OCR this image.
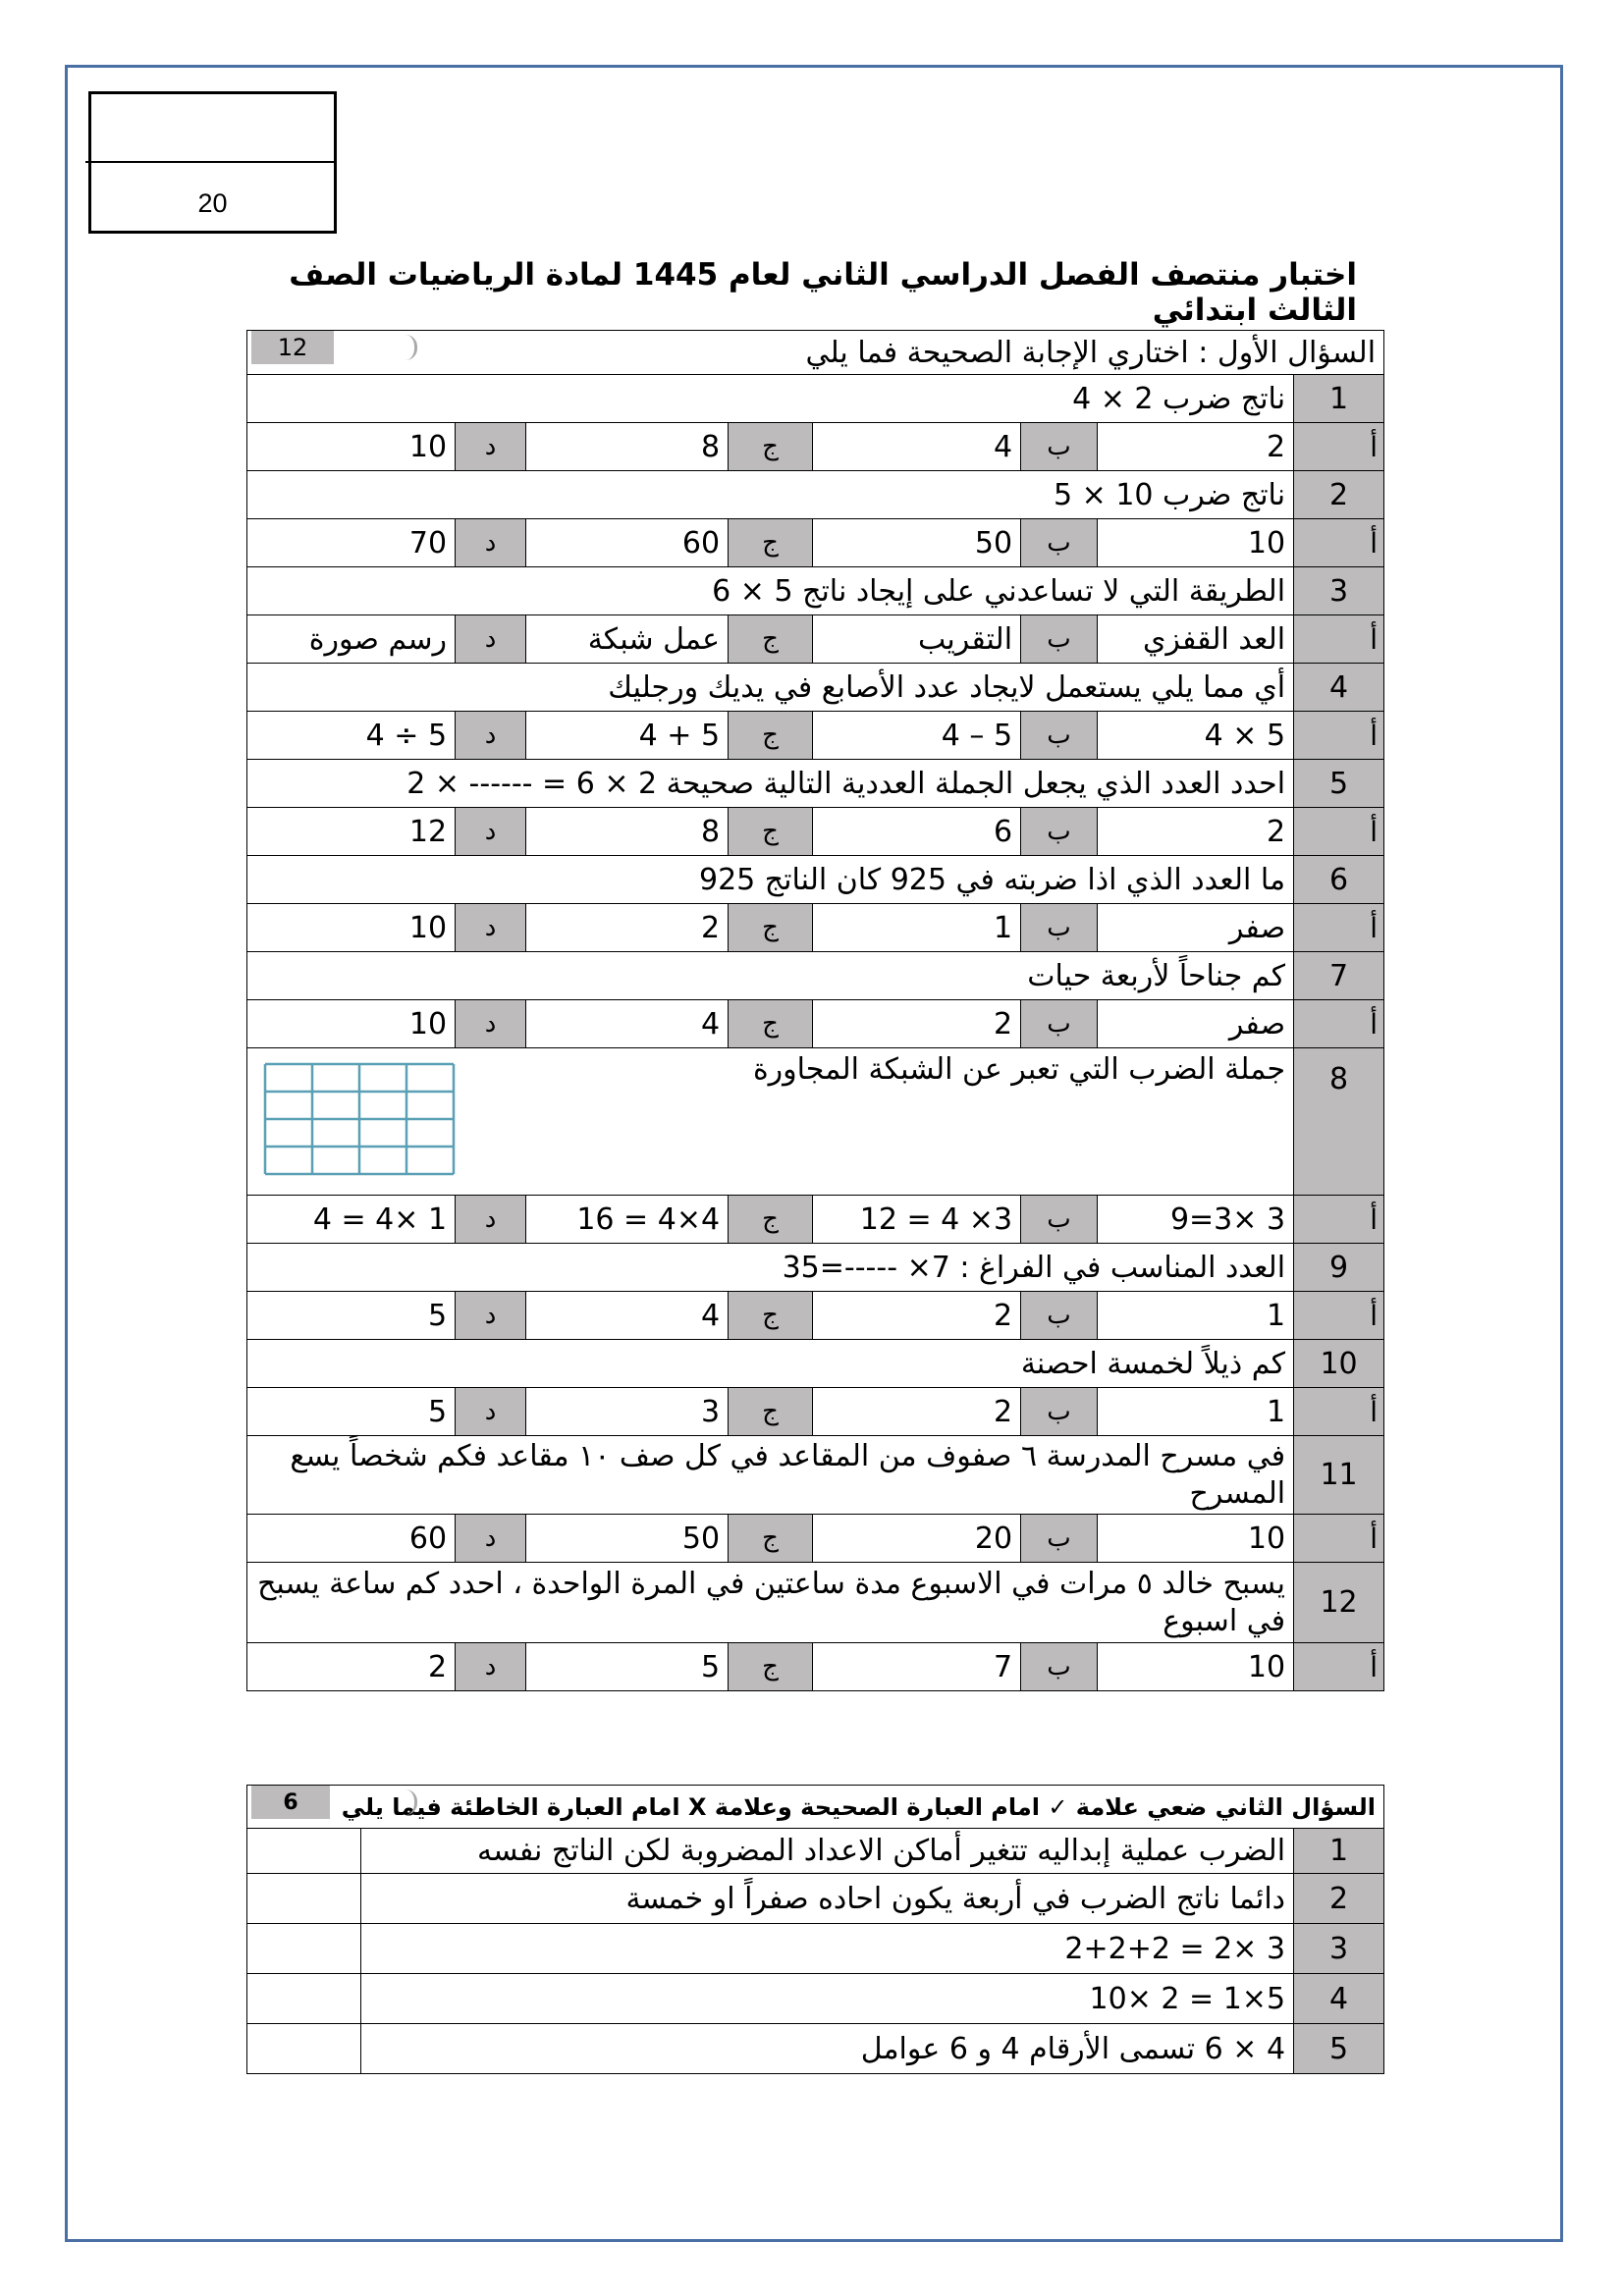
20
اختبار منتصف الفصل الدراسي الثاني لعام 1445 لمادة الرياضيات الصف الثالث ابتدائي
السؤال الأول : اختاري الإجابة الصحيحة فما يلي
12							

1	ناتج ضرب 2 × 4						
أ	2	ب	4	ج	8	د	10
2	ناتج ضرب 10 × 5						
أ	10	ب	50	ج	60	د	70
3	الطريقة التي لا تساعدني على إيجاد ناتج 5 × 6						
أ	العد القفزي	ب	التقريب	ج	عمل شبكة	د	رسم صورة
4	أي مما يلي يستعمل لايجاد عدد الأصابع في يديك ورجليك						
أ	5 × 4	ب	5 – 4	ج	5 + 4	د	5 ÷ 4
5	احدد العدد الذي يجعل الجملة العددية التالية صحيحة 2 × 6 = ------ × 2						
أ	2	ب	6	ج	8	د	12
6	ما العدد الذي اذا ضربته في 925 كان الناتج 925						
أ	صفر	ب	1	ج	2	د	10
7	كم جناحاً لأربعة حيات						
أ	صفر	ب	2	ج	4	د	10
8	جملة الضرب التي تعبر عن الشبكة المجاورة						

أ	3 ×3=9	ب	3× 4 = 12	ج	4×4 = 16	د	1 ×4 = 4
9	العدد المناسب في الفراغ : 7× -----=35						
أ	1	ب	2	ج	4	د	5
10	كم ذيلاً لخمسة احصنة						
أ	1	ب	2	ج	3	د	5
11	في مسرح المدرسة ٦ صفوف من المقاعد في كل صف ١٠ مقاعد فكم شخصاً يسع المسرح						
أ	10	ب	20	ج	50	د	60
12	يسبح خالد ٥ مرات في الاسبوع مدة ساعتين في المرة الواحدة ، احدد كم ساعة يسبح في اسبوع						
أ	10	ب	7	ج	5	د	2
السؤال الثاني ضعي علامة ✓ امام العبارة الصحيحة وعلامة X امام العبارة الخاطئة فيما يلي
6		

1	الضرب عملية إبداليه تتغير أماكن الاعداد المضروبة لكن الناتج نفسه	
2	دائما ناتج الضرب في أربعة يكون احاده صفراً او خمسة	
3	3 ×2 = 2+2+2	
4	5×1 = 2 ×10	
5	4 × 6 تسمى الأرقام 4 و 6 عوامل	
